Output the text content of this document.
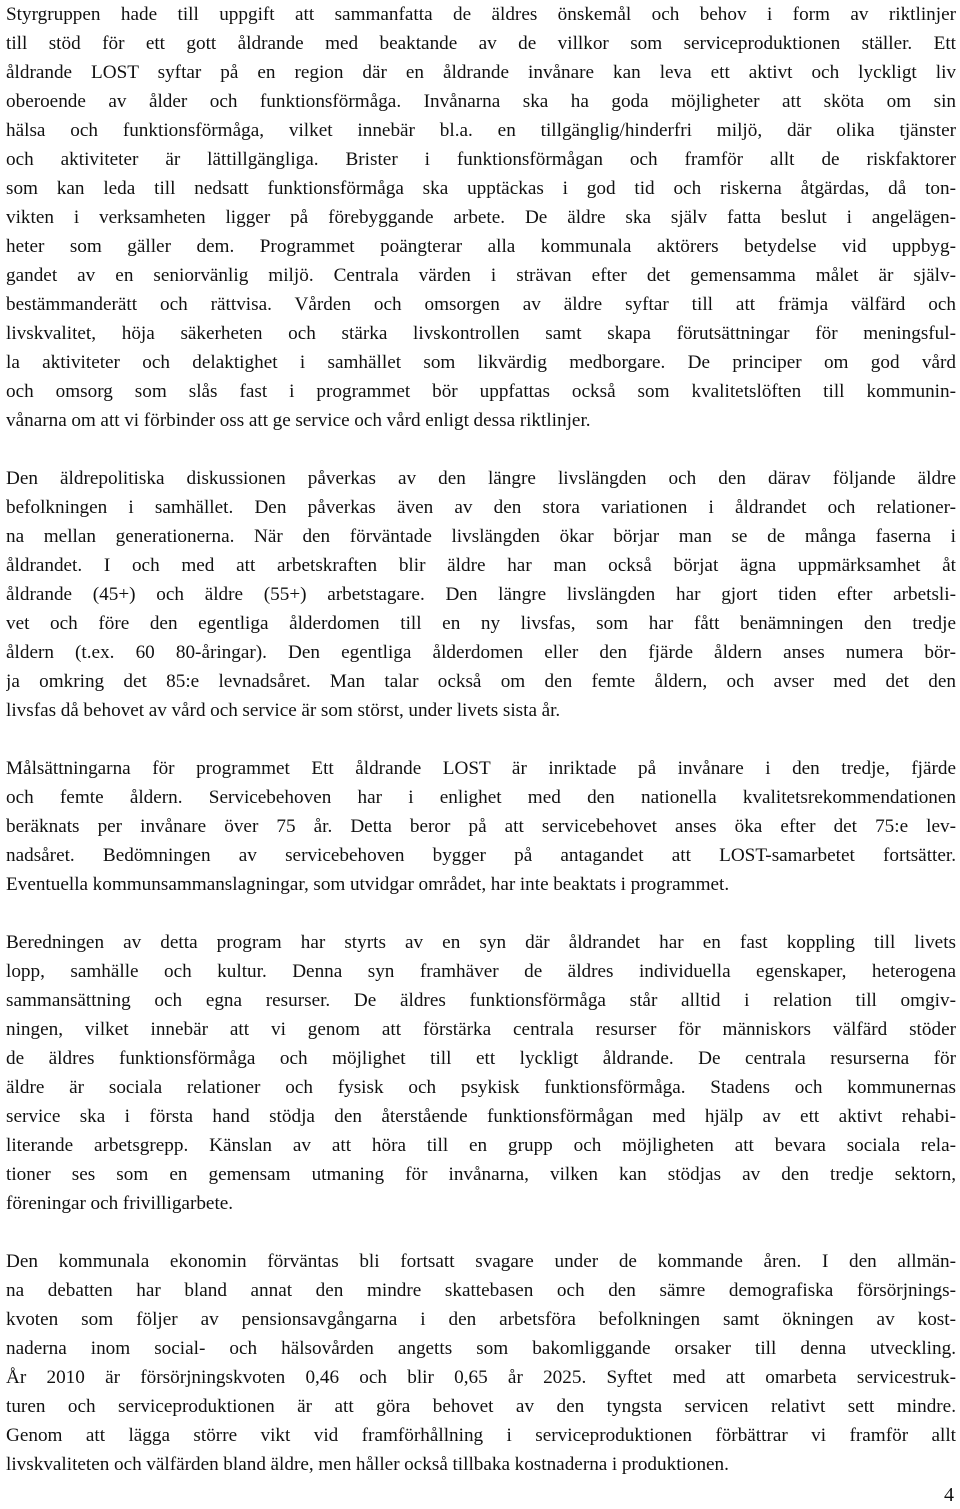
Styrgruppen hade till uppgift att sammanfatta de äldres önskemål och behov i form av riktlinjer
till stöd för ett gott åldrande med beaktande av de villkor som serviceproduktionen ställer. Ett
åldrande LOST syftar på en region där en åldrande invånare kan leva ett aktivt och lyckligt liv
oberoende av ålder och funktionsförmåga. Invånarna ska ha goda möjligheter att sköta om sin
hälsa och funktionsförmåga, vilket innebär bl.a. en tillgänglig/hinderfri miljö, där olika tjänster
och aktiviteter är lättillgängliga. Brister i funktionsförmågan och framför allt de riskfaktorer
som kan leda till nedsatt funktionsförmåga ska upptäckas i god tid och riskerna åtgärdas, då ton-
vikten i verksamheten ligger på förebyggande arbete. De äldre ska själv fatta beslut i angelägen-
heter som gäller dem. Programmet poängterar alla kommunala aktörers betydelse vid uppbyg-
gandet av en seniorvänlig miljö. Centrala värden i strävan efter det gemensamma målet är själv-
bestämmanderätt och rättvisa. Vården och omsorgen av äldre syftar till att främja välfärd och
livskvalitet, höja säkerheten och stärka livskontrollen samt skapa förutsättningar för meningsful-
la aktiviteter och delaktighet i samhället som likvärdig medborgare. De principer om god vård
och omsorg som slås fast i programmet bör uppfattas också som kvalitetslöften till kommunin-
vånarna om att vi förbinder oss att ge service och vård enligt dessa riktlinjer.
Den äldrepolitiska diskussionen påverkas av den längre livslängden och den därav följande äldre
befolkningen i samhället. Den påverkas även av den stora variationen i åldrandet och relationer-
na mellan generationerna. När den förväntade livslängden ökar börjar man se de många faserna i
åldrandet. I och med att arbetskraften blir äldre har man också börjat ägna uppmärksamhet åt
åldrande (45+) och äldre (55+) arbetstagare. Den längre livslängden har gjort tiden efter arbetsli-
vet och före den egentliga ålderdomen till en ny livsfas, som har fått benämningen den tredje
åldern (t.ex. 60 80-åringar). Den egentliga ålderdomen eller den fjärde åldern anses numera bör-
ja omkring det 85:e levnadsåret. Man talar också om den femte åldern, och avser med det den
livsfas då behovet av vård och service är som störst, under livets sista år.
Målsättningarna för programmet Ett åldrande LOST är inriktade på invånare i den tredje, fjärde
och femte åldern. Servicebehoven har i enlighet med den nationella kvalitetsrekommendationen
beräknats per invånare över 75 år. Detta beror på att servicebehovet anses öka efter det 75:e lev-
nadsåret. Bedömningen av servicebehoven bygger på antagandet att LOST-samarbetet fortsätter.
Eventuella kommunsammanslagningar, som utvidgar området, har inte beaktats i programmet.
Beredningen av detta program har styrts av en syn där åldrandet har en fast koppling till livets
lopp, samhälle och kultur. Denna syn framhäver de äldres individuella egenskaper, heterogena
sammansättning och egna resurser. De äldres funktionsförmåga står alltid i relation till omgiv-
ningen, vilket innebär att vi genom att förstärka centrala resurser för människors välfärd stöder
de äldres funktionsförmåga och möjlighet till ett lyckligt åldrande. De centrala resurserna för
äldre är sociala relationer och fysisk och psykisk funktionsförmåga. Stadens och kommunernas
service ska i första hand stödja den återstående funktionsförmågan med hjälp av ett aktivt rehabi-
literande arbetsgrepp. Känslan av att höra till en grupp och möjligheten att bevara sociala rela-
tioner ses som en gemensam utmaning för invånarna, vilken kan stödjas av den tredje sektorn,
föreningar och frivilligarbete.
Den kommunala ekonomin förväntas bli fortsatt svagare under de kommande åren. I den allmän-
na debatten har bland annat den mindre skattebasen och den sämre demografiska försörjnings-
kvoten som följer av pensionsavgångarna i den arbetsföra befolkningen samt ökningen av kost-
naderna inom social- och hälsovården angetts som bakomliggande orsaker till denna utveckling.
År 2010 är försörjningskvoten 0,46 och blir 0,65 år 2025. Syftet med att omarbeta servicestruk-
turen och serviceproduktionen är att göra behovet av den tyngsta servicen relativt sett mindre.
Genom att lägga större vikt vid framförhållning i serviceproduktionen förbättrar vi framför allt
livskvaliteten och välfärden bland äldre, men håller också tillbaka kostnaderna i produktionen.
4
